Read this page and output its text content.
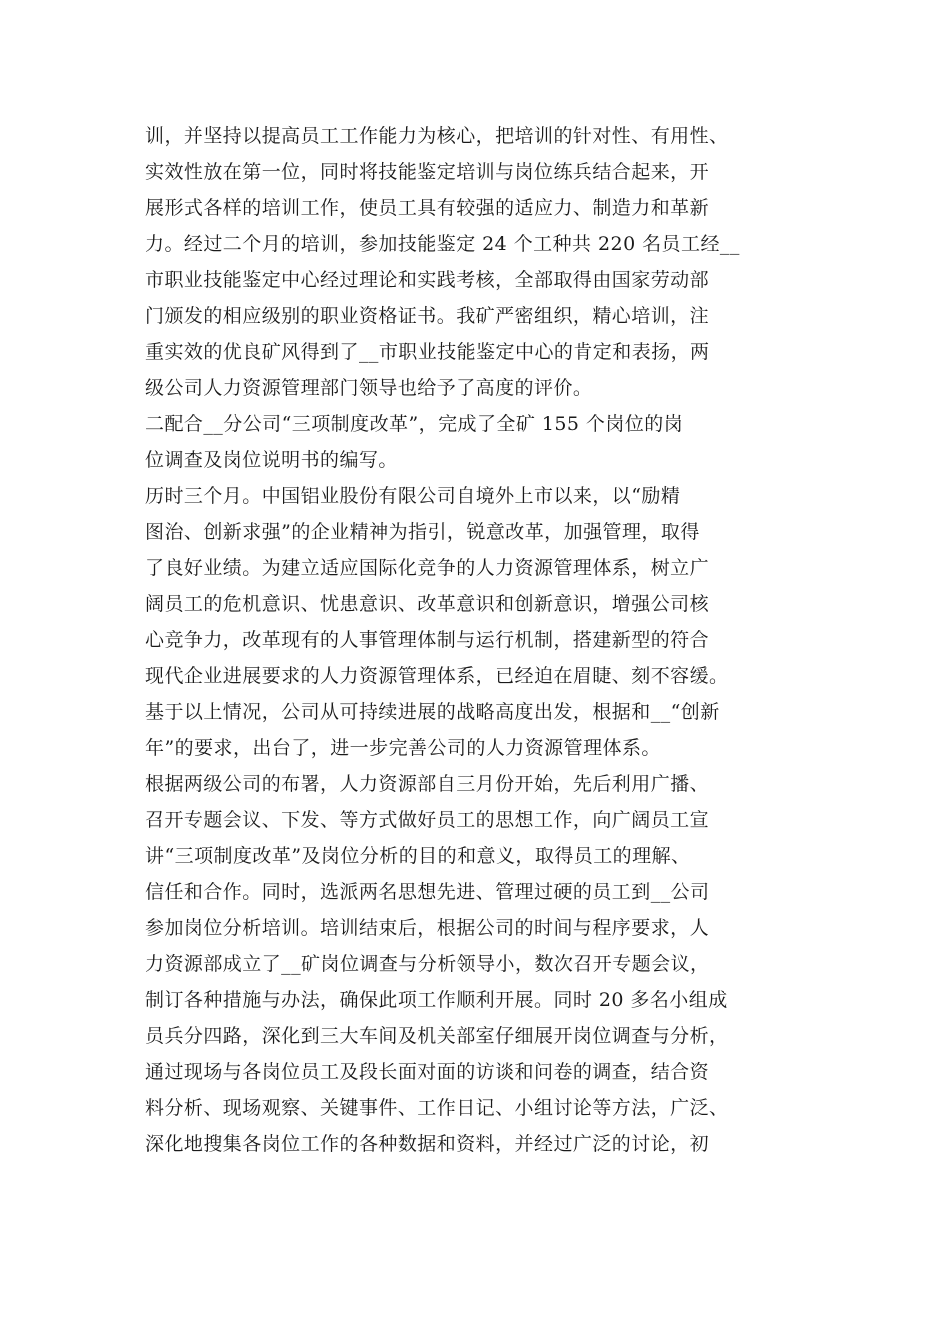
训，并坚持以提高员工工作能力为核心，把培训的针对性、有用性、
实效性放在第一位，同时将技能鉴定培训与岗位练兵结合起来，开
展形式各样的培训工作，使员工具有较强的适应力、制造力和革新
力。经过二个月的培训，参加技能鉴定 24 个工种共 220 名员工经__
市职业技能鉴定中心经过理论和实践考核，全部取得由国家劳动部
门颁发的相应级别的职业资格证书。我矿严密组织，精心培训，注
重实效的优良矿风得到了__市职业技能鉴定中心的肯定和表扬，两
级公司人力资源管理部门领导也给予了高度的评价。
二配合__分公司“三项制度改革”，完成了全矿 155 个岗位的岗
位调查及岗位说明书的编写。
历时三个月。中国铝业股份有限公司自境外上市以来，以“励精
图治、创新求强”的企业精神为指引，锐意改革，加强管理，取得
了良好业绩。为建立适应国际化竞争的人力资源管理体系，树立广
阔员工的危机意识、忧患意识、改革意识和创新意识，增强公司核
心竞争力，改革现有的人事管理体制与运行机制，搭建新型的符合
现代企业进展要求的人力资源管理体系，已经迫在眉睫、刻不容缓。
基于以上情况，公司从可持续进展的战略高度出发，根据和__“创新
年”的要求，出台了，进一步完善公司的人力资源管理体系。
根据两级公司的布署，人力资源部自三月份开始，先后利用广播、
召开专题会议、下发、等方式做好员工的思想工作，向广阔员工宣
讲“三项制度改革”及岗位分析的目的和意义，取得员工的理解、
信任和合作。同时，选派两名思想先进、管理过硬的员工到__公司
参加岗位分析培训。培训结束后，根据公司的时间与程序要求，人
力资源部成立了__矿岗位调查与分析领导小，数次召开专题会议，
制订各种措施与办法，确保此项工作顺利开展。同时 20 多名小组成
员兵分四路，深化到三大车间及机关部室仔细展开岗位调查与分析，
通过现场与各岗位员工及段长面对面的访谈和问卷的调查，结合资
料分析、现场观察、关键事件、工作日记、小组讨论等方法，广泛、
深化地搜集各岗位工作的各种数据和资料，并经过广泛的讨论，初
